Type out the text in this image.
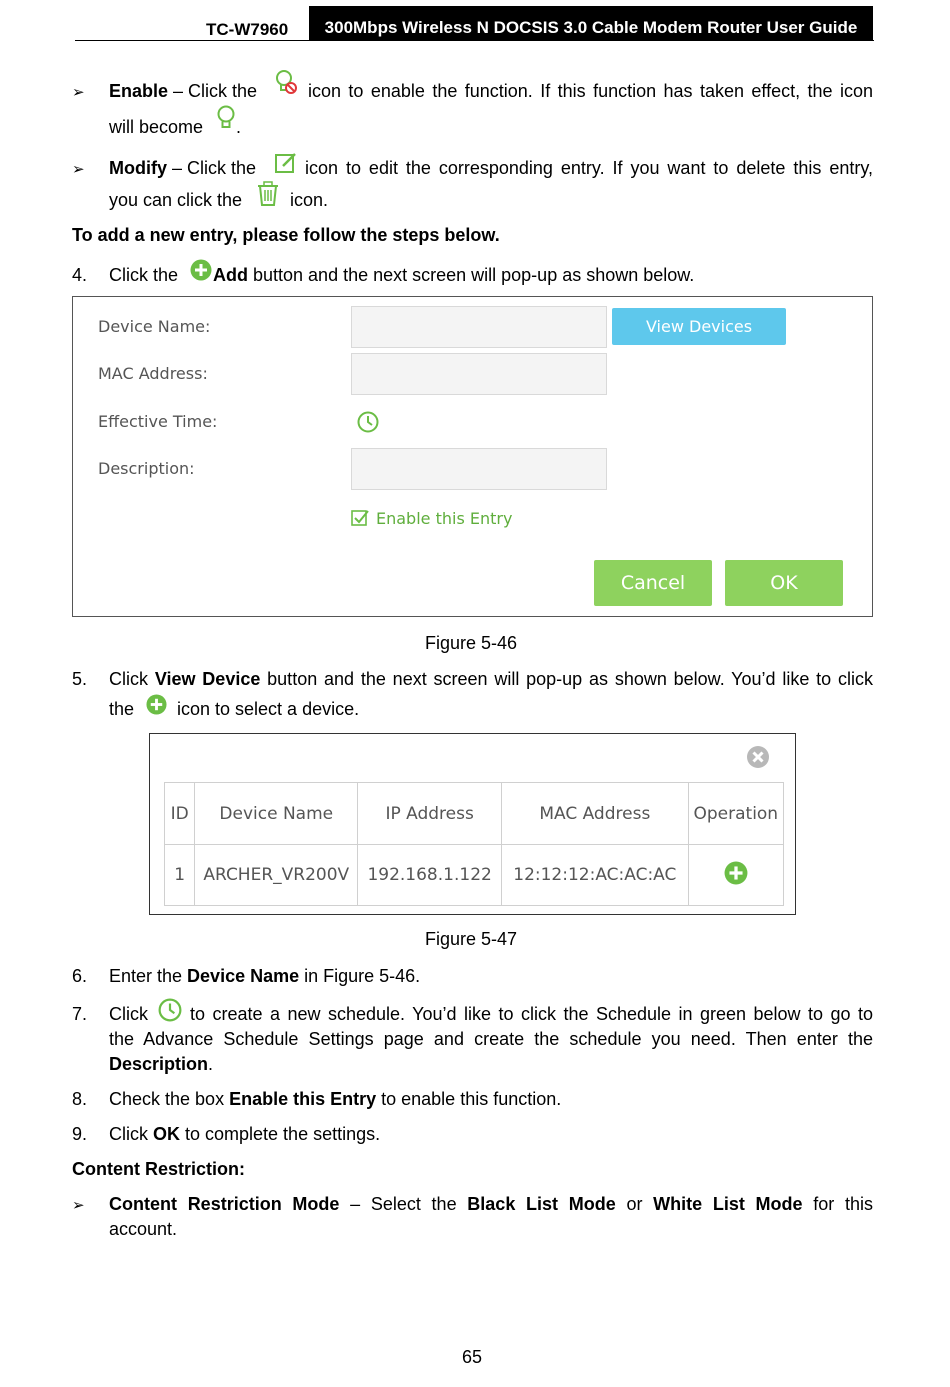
TC-W7960	300Mbps Wireless N DOCSIS 3.0 Cable Modem Router User Guide
➢ Enable – Click the	icon to enable the function. If this function has taken effect, the icon
will become .
➢ Modify – Click the	icon to edit the corresponding entry. If you want to delete this entry,
you can click the	icon.
To add a new entry, please follow the steps below.
4. Click the Add button and the next screen will pop-up as shown below.
Device Name:	View Devices
MAC Address:
Effective Time:
Description:
Enable this Entry
Cancel	OK
Figure 5-46
5. Click View Device button and the next screen will pop-up as shown below. You’d like to click
the icon to select a device.
ID	Device Name	IP Address	MAC Address	Operation
1	ARCHER_VR200V	192.168.1.122	12:12:12:AC:AC:AC	
Figure 5-47
6. Enter the Device Name in Figure 5-46.
7. Click to create a new schedule. You’d like to click the Schedule in green below to go to
the Advance Schedule Settings page and create the schedule you need. Then enter the
Description.
8. Check the box Enable this Entry to enable this function.
9. Click OK to complete the settings.
Content Restriction:
➢ Content Restriction Mode – Select the Black List Mode or White List Mode for this
account.
65
